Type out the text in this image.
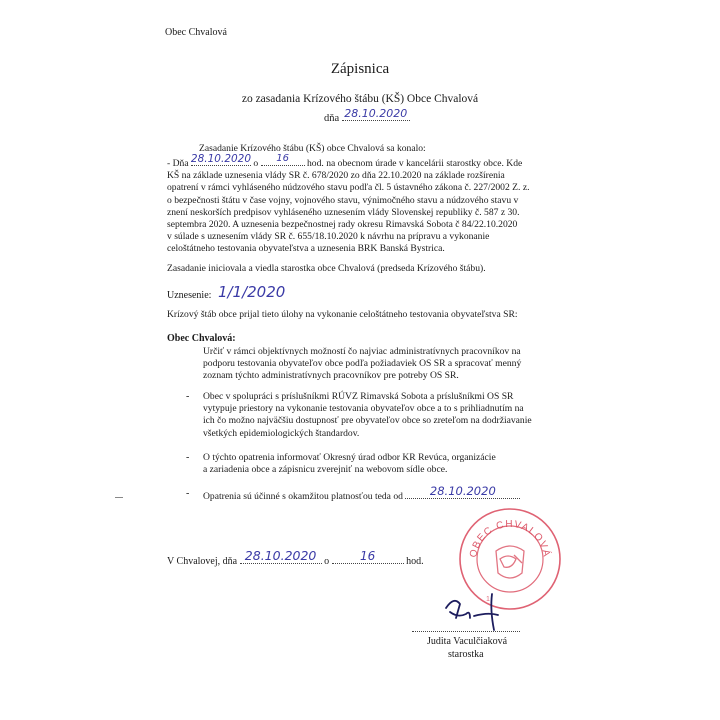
Obec Chvalová
Zápisnica
zo zasadania Krízového štábu (KŠ) Obce Chvalová
dňa 28.10.2020
Zasadanie Krízového štábu (KŠ) obce Chvalová sa konalo:
- Dňa 28.10.2020 o 16 hod. na obecnom úrade v kancelárii starostky obce. Kde
KŠ na základe uznesenia vlády SR č. 678/2020 zo dňa 22.10.2020 na základe rozšírenia
opatrení v rámci vyhláseného núdzového stavu podľa čl. 5 ústavného zákona č. 227/2002 Z. z.
o bezpečnosti štátu v čase vojny, vojnového stavu, výnimočného stavu a núdzového stavu v
znení neskorších predpisov vyhláseného uznesením vlády Slovenskej republiky č. 587 z 30.
septembra 2020. A uznesenia bezpečnostnej rady okresu Rimavská Sobota č 84/22.10.2020
v súlade s uznesením vlády SR č. 655/18.10.2020 k návrhu na prípravu a vykonanie
celoštátneho testovania obyvateľstva a uznesenia BRK Banská Bystrica.
Zasadanie iniciovala a viedla starostka obce Chvalová (predseda Krízového štábu).
Uznesenie: 1/1/2020
Krízový štáb obce prijal tieto úlohy na vykonanie celoštátneho testovania obyvateľstva SR:
Obec Chvalová:
Určiť v rámci objektívnych možností čo najviac administratívnych pracovníkov na
podporu testovania obyvateľov obce podľa požiadaviek OS SR a spracovať menný
zoznam týchto administratívnych pracovníkov pre potreby OS SR.
- Obec v spolupráci s príslušníkmi RÚVZ Rimavská Sobota a príslušníkmi OS SR
vytypuje priestory na vykonanie testovania obyvateľov obce a to s prihliadnutím na
ich čo možno najväčšiu dostupnosť pre obyvateľov obce so zreteľom na dodržiavanie
všetkých epidemiologických štandardov.
- O týchto opatrenia informovať Okresný úrad odbor KR Revúca, organizácie
a zariadenia obce a zápisnicu zverejniť na webovom sídle obce.
- Opatrenia sú účinné s okamžitou platnosťou teda od 28.10.2020
V Chvalovej, dňa 28.10.2020 o	16	hod.
OBEC CHVALOVÁ
1
Judita Vaculčiaková
starostka
